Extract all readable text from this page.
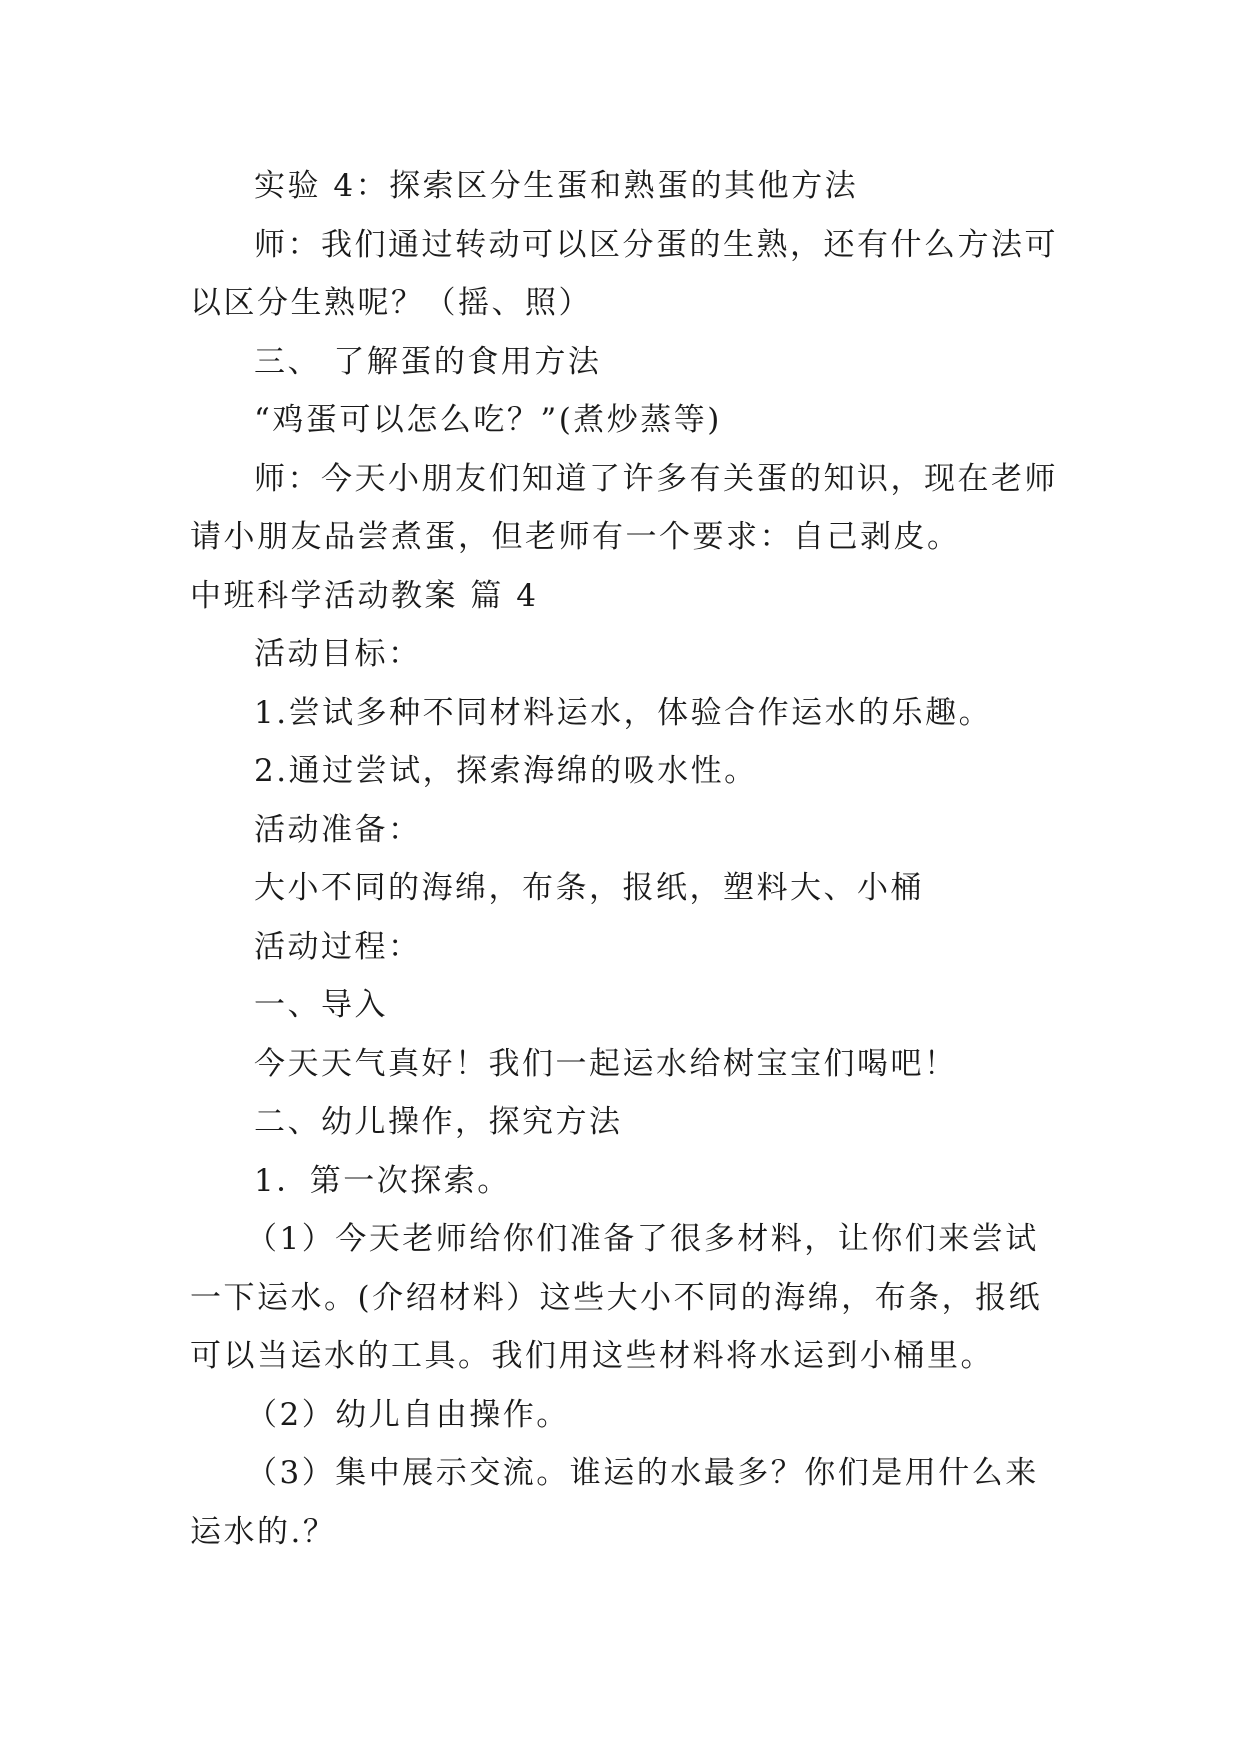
实验 4：探索区分生蛋和熟蛋的其他方法
师：我们通过转动可以区分蛋的生熟，还有什么方法可
以区分生熟呢？（摇、照）
三、 了解蛋的食用方法
“鸡蛋可以怎么吃？”(煮炒蒸等)
师：今天小朋友们知道了许多有关蛋的知识，现在老师
请小朋友品尝煮蛋，但老师有一个要求：自己剥皮。
中班科学活动教案 篇 4
活动目标：
1.尝试多种不同材料运水，体验合作运水的乐趣。
2.通过尝试，探索海绵的吸水性。
活动准备：
大小不同的海绵，布条，报纸，塑料大、小桶
活动过程：
一、导入
今天天气真好！我们一起运水给树宝宝们喝吧！
二、幼儿操作，探究方法
1．第一次探索。
（1）今天老师给你们准备了很多材料，让你们来尝试
一下运水。(介绍材料）这些大小不同的海绵，布条，报纸
可以当运水的工具。我们用这些材料将水运到小桶里。
（2）幼儿自由操作。
（3）集中展示交流。谁运的水最多？你们是用什么来
运水的.？
